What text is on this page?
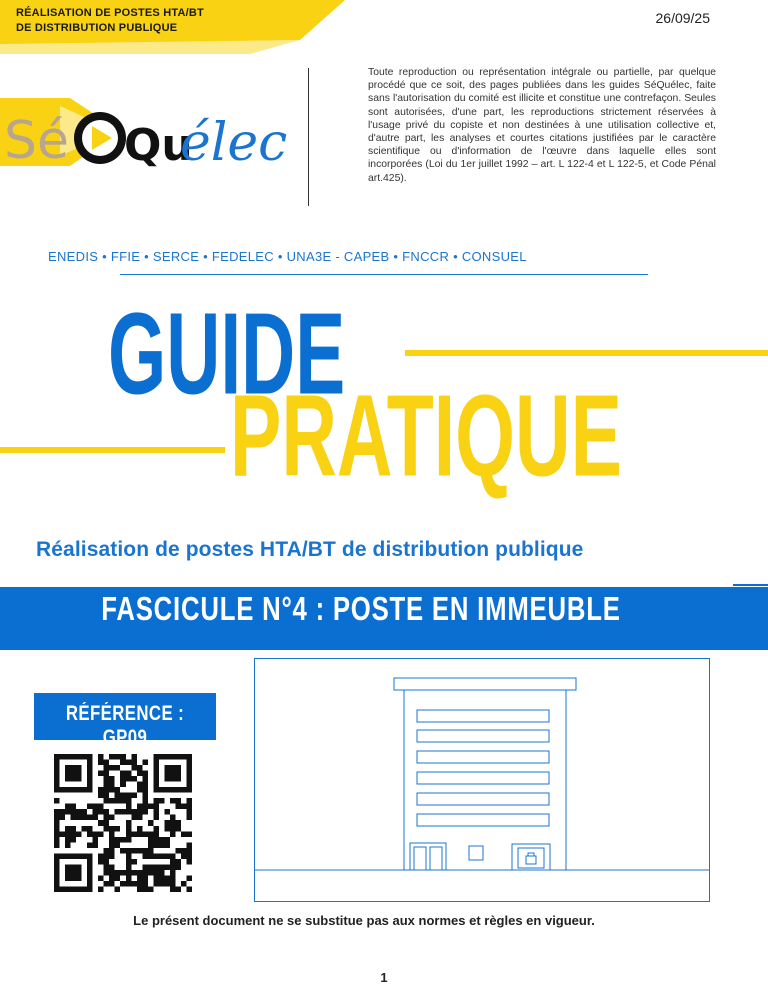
RÉALISATION DE POSTES HTA/BT
DE DISTRIBUTION PUBLIQUE
26/09/25
Sé Qu
élec
Toute reproduction ou représentation intégrale ou partielle, par quelque procédé que ce soit, des pages publiées dans les guides SéQuélec, faite sans l'autorisation du comité est illicite et constitue une contrefaçon. Seules sont autorisées, d'une part, les reproductions strictement réservées à l'usage privé du copiste et non destinées à une utilisation collective et, d'autre part, les analyses et courtes citations justifiées par le caractère scientifique ou d'information de l'œuvre dans laquelle elles sont incorporées (Loi du 1er juillet 1992 – art. L 122-4 et L 122-5, et Code Pénal art.425).
ENEDIS • FFIE • SERCE • FEDELEC • UNA3E - CAPEB • FNCCR • CONSUEL
GUIDE
PRATIQUE
Réalisation de postes HTA/BT de distribution publique
FASCICULE N°4 : POSTE EN IMMEUBLE
RÉFÉRENCE : GP09
Le présent document ne se substitue pas aux normes et règles en vigueur.
1
